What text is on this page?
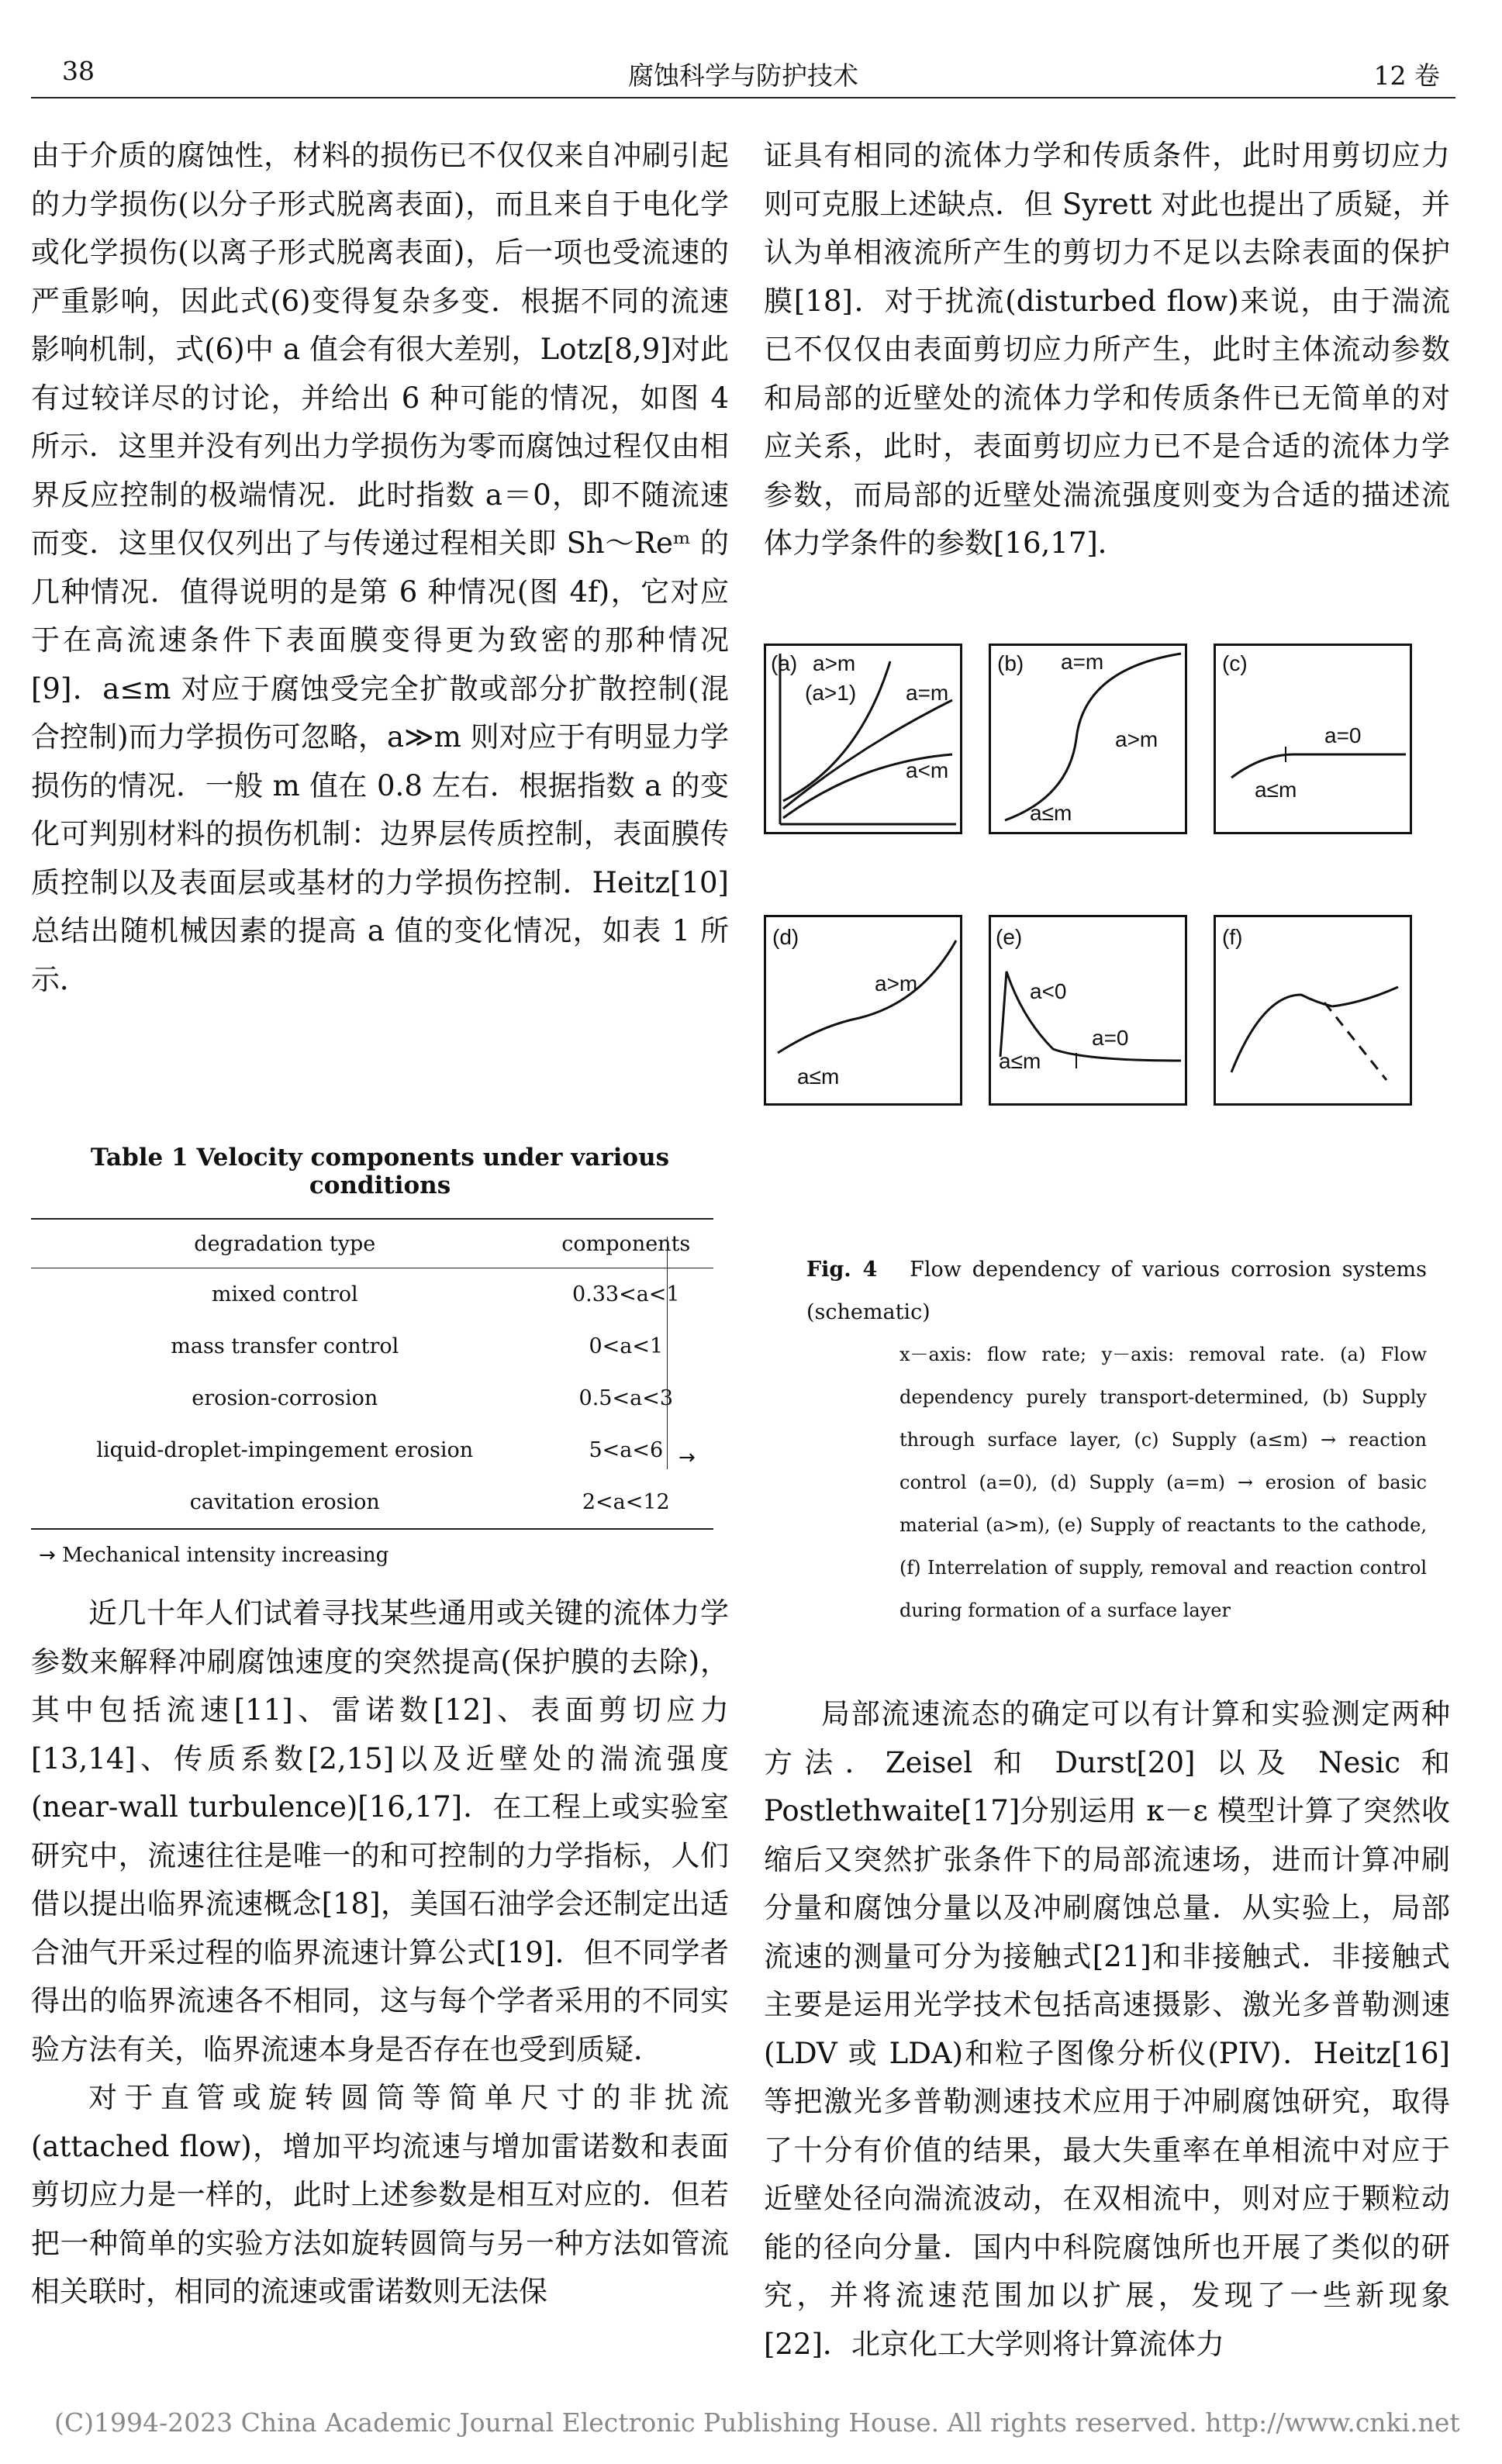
38	腐蚀科学与防护技术	12 卷

由于介质的腐蚀性，材料的损伤已不仅仅来自冲刷引起的力学损伤(以分子形式脱离表面)，而且来自于电化学或化学损伤(以离子形式脱离表面)，后一项也受流速的严重影响，因此式(6)变得复杂多变．根据不同的流速影响机制，式(6)中 a 值会有很大差别，Lotz[8,9]对此有过较详尽的讨论，并给出 6 种可能的情况，如图 4 所示．这里并没有列出力学损伤为零而腐蚀过程仅由相界反应控制的极端情况．此时指数 a＝0，即不随流速而变．这里仅仅列出了与传递过程相关即 Sh～Reᵐ 的几种情况．值得说明的是第 6 种情况(图 4f)，它对应于在高流速条件下表面膜变得更为致密的那种情况[9]．a≤m 对应于腐蚀受完全扩散或部分扩散控制(混合控制)而力学损伤可忽略，a≫m 则对应于有明显力学损伤的情况．一般 m 值在 0.8 左右．根据指数 a 的变化可判别材料的损伤机制：边界层传质控制，表面膜传质控制以及表面层或基材的力学损伤控制．Heitz[10]总结出随机械因素的提高 a 值的变化情况，如表 1 所示．

Table 1 Velocity components under various conditions
degradation type	components
mixed control	0.33<a<1
mass transfer control	0<a<1
erosion-corrosion	0.5<a<3
liquid-droplet-impingement erosion	5<a<6
cavitation erosion	2<a<12
→
→ Mechanical intensity increasing

近几十年人们试着寻找某些通用或关键的流体力学参数来解释冲刷腐蚀速度的突然提高(保护膜的去除)，其中包括流速[11]、雷诺数[12]、表面剪切应力[13,14]、传质系数[2,15]以及近壁处的湍流强度(near-wall turbulence)[16,17]．在工程上或实验室研究中，流速往往是唯一的和可控制的力学指标，人们借以提出临界流速概念[18]，美国石油学会还制定出适合油气开采过程的临界流速计算公式[19]．但不同学者得出的临界流速各不相同，这与每个学者采用的不同实验方法有关，临界流速本身是否存在也受到质疑．

对于直管或旋转圆筒等简单尺寸的非扰流(attached flow)，增加平均流速与增加雷诺数和表面剪切应力是一样的，此时上述参数是相互对应的．但若把一种简单的实验方法如旋转圆筒与另一种方法如管流相关联时，相同的流速或雷诺数则无法保

证具有相同的流体力学和传质条件，此时用剪切应力则可克服上述缺点．但 Syrett 对此也提出了质疑，并认为单相液流所产生的剪切力不足以去除表面的保护膜[18]．对于扰流(disturbed flow)来说，由于湍流已不仅仅由表面剪切应力所产生，此时主体流动参数和局部的近壁处的流体力学和传质条件已无简单的对应关系，此时，表面剪切应力已不是合适的流体力学参数，而局部的近壁处湍流强度则变为合适的描述流体力学条件的参数[16,17]．

(a) a>m
(a>1) a=m
a<m
(b) a=m
a>m
a≤m
(c)
a=0
a≤m
(d)
a>m
a≤m
(e)
a<0
a=0
a≤m
(f)
Fig. 4 Flow dependency of various corrosion systems (schematic)
x－axis: flow rate; y－axis: removal rate. (a) Flow dependency purely transport-determined, (b) Supply through surface layer, (c) Supply (a≤m) → reaction control (a=0), (d) Supply (a=m) → erosion of basic material (a>m), (e) Supply of reactants to the cathode, (f) Interrelation of supply, removal and reaction control during formation of a surface layer

局部流速流态的确定可以有计算和实验测定两种方法．Zeisel 和 Durst[20] 以及 Nesic 和 Postlethwaite[17]分别运用 κ－ε 模型计算了突然收缩后又突然扩张条件下的局部流速场，进而计算冲刷分量和腐蚀分量以及冲刷腐蚀总量．从实验上，局部流速的测量可分为接触式[21]和非接触式．非接触式主要是运用光学技术包括高速摄影、激光多普勒测速(LDV 或 LDA)和粒子图像分析仪(PIV)．Heitz[16]等把激光多普勒测速技术应用于冲刷腐蚀研究，取得了十分有价值的结果，最大失重率在单相流中对应于近壁处径向湍流波动，在双相流中，则对应于颗粒动能的径向分量．国内中科院腐蚀所也开展了类似的研究，并将流速范围加以扩展，发现了一些新现象[22]．北京化工大学则将计算流体力

(C)1994-2023 China Academic Journal Electronic Publishing House. All rights reserved. http://www.cnki.net
